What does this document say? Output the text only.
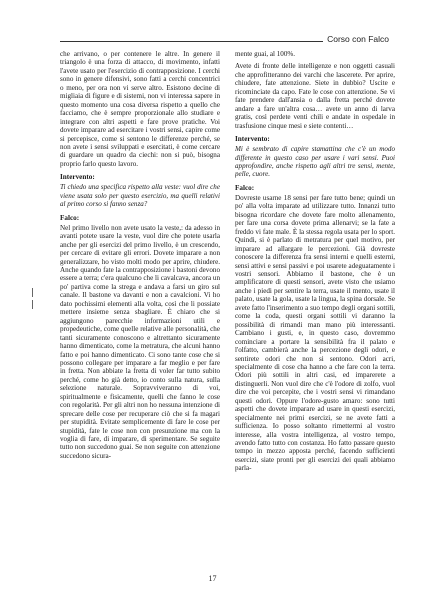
Corso con Falco

che arrivano, o per contenere le altre. In genere il triangolo è una forza di attacco, di movimento, infatti l'avete usato per l'esercizio di contrapposizione. I cerchi sono in genere difensivi, sono fatti a cerchi concentrici o meno, per ora non vi serve altro. Esistono decine di migliaia di figure e di sistemi, non vi interessa sapere in questo momento una cosa diversa rispetto a quello che facciamo, che è sempre proporzionale allo studiare e integrare con altri aspetti e fare prove pratiche. Voi dovete imparare ad esercitare i vostri sensi, capire come si percepisce, come si sentono le differenze perché, se non avete i sensi sviluppati e esercitati, è come cercare di guardare un quadro da ciechi: non si può, bisogna proprio farlo questo lavoro.

Intervento:

Ti chiedo una specifica rispetto alla veste: vuol dire che viene usata solo per questo esercizio, ma quelli relativi al primo corso si fanno senza?

Falco:

Nel primo livello non avete usato la veste,: da adesso in avanti potete usare la veste, vuol dire che potete usarla anche per gli esercizi del primo livello, è un crescendo, per cercare di evitare gli errori. Dovete imparare a non generalizzare, ho visto molti modo per aprire, chiudere. Anche quando fate la contrapposizione i bastoni devono essere a terra; c'era qualcuno che li cavalcava, ancora un po' partiva come la strega e andava a farsi un giro sul canale. Il bastone va davanti e non a cavalcioni. Vi ho dato pochissimi elementi alla volta, così che li possiate mettere insieme senza sbagliare. È chiaro che si aggiungono parecchie informazioni utili e propedeutiche, come quelle relative alle personalità, che tanti sicuramente conoscono e altrettanto sicuramente hanno dimenticato, come la metratura, che alcuni hanno fatto e poi hanno dimenticato. Ci sono tante cose che si possono collegare per imparare a far meglio e per fare in fretta. Non abbiate la fretta di voler far tutto subito perché, come ho già detto, io conto sulla natura, sulla selezione naturale. Sopravviveranno di voi, spiritualmente e fisicamente, quelli che fanno le cose con regolarità. Per gli altri non ho nessuna intenzione di sprecare delle cose per recuperare ciò che si fa magari per stupidità. Evitate semplicemente di fare le cose per stupidità, fate le cose non con presunzione ma con la voglia di fare, di imparare, di sperimentare. Se seguite tutto non succedono guai. Se non seguite con attenzione succedono sicura-

mente guai, al 100%.

Avete di fronte delle intelligenze e non oggetti casuali che approfitteranno dei varchi che lascerete. Per aprire, chiudere, fate attenzione. Siete in dubbio? Uscite e ricominciate da capo. Fate le cose con attenzione. Se vi fate prendere dall'ansia o dalla fretta perché dovete andare a fare un'altra cosa… avete un anno di larva gratis, così perdete venti chili e andate in ospedale in trasfusione cinque mesi e siete contenti…

Intervento:

Mi è sembrato di capire stamattina che c'è un modo differente in questo caso per usare i vari sensi. Puoi approfondire, anche rispetto agli altri tre sensi, mente, pelle, cuore.

Falco:

Dovreste usarne 18 sensi per fare tutto bene; quindi un po' alla volta imparate ad utilizzare tutto. Innanzi tutto bisogna ricordare che dovete fare molto allenamento, per fare una corsa dovete prima allenarvi; se la fate a freddo vi fate male. È la stessa regola usata per lo sport. Quindi, si è parlato di metratura per quel motivo, per imparare ad allargare le percezioni. Già dovreste conoscere la differenza fra sensi interni e quelli esterni, sensi attivi e sensi passivi e poi usarete adeguatamente i vostri sensori. Abbiamo il bastone, che è un amplificatore di questi sensori, avete visto che usiamo anche i piedi per sentire la terra, usate il mento, usate il palato, usate la gola, usate la lingua, la spina dorsale. Se avete fatto l'inserimento a suo tempo degli organi sottili, come la coda, questi organi sottili vi daranno la possibilità di rimandi man mano più interessanti. Cambiano i gusti, e, in questo caso, dovremmo cominciare a portare la sensibilità fra il palato e l'olfatto, cambierà anche la percezione degli odori, e sentirete odori che non si sentono. Odori acri, specialmente di cose cha hanno a che fare con la terra. Odori più sottili in altri casi, ed imparerete a distinguerli. Non vuol dire che c'è l'odore di zolfo, vuol dire che voi percepite, che i vostri sensi vi rimandano questi odori. Oppure l'odore-gusto amaro: sono tutti aspetti che dovete imparare ad usare in questi esercizi, specialmente nei primi esercizi, se ne avete fatti a sufficienza. Io posso soltanto rimettermi al vostro interesse, alla vostra intelligenza, al vostro tempo, avendo fatto tutto con costanza. Ho fatto passare questo tempo in mezzo apposta perché, facendo sufficienti esercizi, siate pronti per gli esercizi dei quali abbiamo parla-

17
